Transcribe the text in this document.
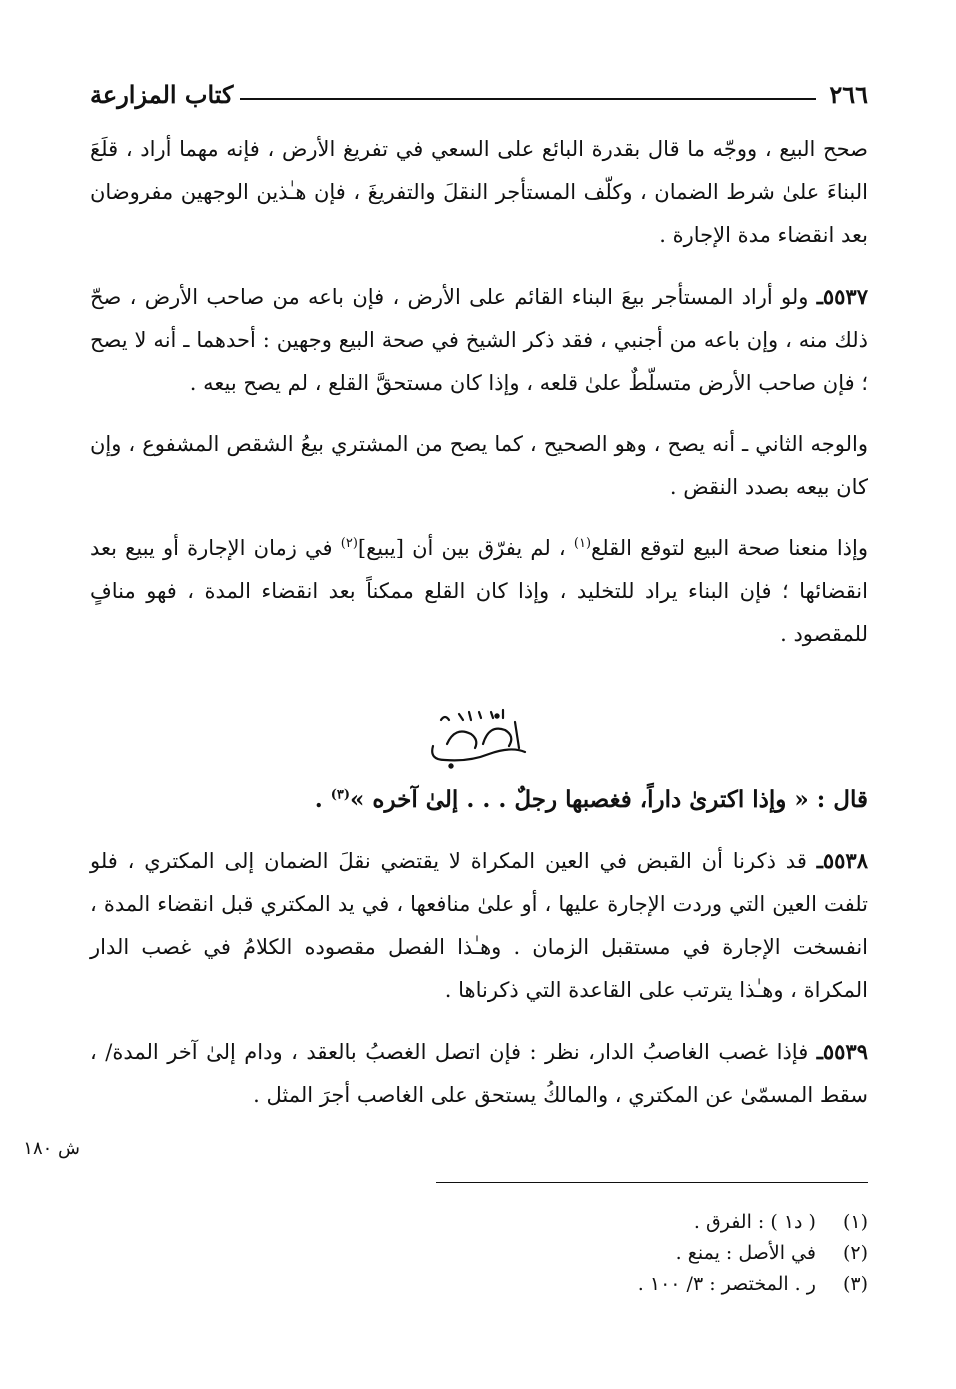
٢٦٦
كتاب المزارعة

صحح البيع ، ووجّه ما قال بقدرة البائع على السعي في تفريغ الأرض ، فإنه مهما أراد ، قلَعَ البناءَ علىٰ شرط الضمان ، وكلّف المستأجر النقلَ والتفريغَ ، فإن هـٰذين الوجهين مفروضان بعد انقضاء مدة الإجارة .

٥٥٣٧ـ ولو أراد المستأجر بيعَ البناء القائم على الأرض ، فإن باعه من صاحب الأرض ، صحّ ذلك منه ، وإن باعه من أجنبي ، فقد ذكر الشيخ في صحة البيع وجهين : أحدهما ـ أنه لا يصح ؛ فإن صاحب الأرض متسلّطٌ علىٰ قلعه ، وإذا كان مستحقَّ القلع ، لم يصح بيعه .

والوجه الثاني ـ أنه يصح ، وهو الصحيح ، كما يصح من المشتري بيعُ الشقص المشفوع ، وإن كان بيعه بصدد النقض .

وإذا منعنا صحة البيع لتوقع القلع$^{(١)}$ ، لم يفرّق بين أن [يبيع]$^{(٢)}$ في زمان الإجارة أو يبيع بعد انقضائها ؛ فإن البناء يراد للتخليد ، وإذا كان القلع ممكناً بعد انقضاء المدة ، فهو منافٍ للمقصود .

قال : « وإذا اكترىٰ داراً، فغصبها رجلٌ . . . إلىٰ آخره »$^{(٣)}$ .

٥٥٣٨ـ قد ذكرنا أن القبض في العين المكراة لا يقتضي نقلَ الضمان إلى المكتري ، فلو تلفت العين التي وردت الإجارة عليها ، أو علىٰ منافعها ، في يد المكتري قبل انقضاء المدة ، انفسخت الإجارة في مستقبل الزمان . وهـٰذا الفصل مقصوده الكلامُ في غصب الدار المكراة ، وهـٰذا يترتب على القاعدة التي ذكرناها .

٥٥٣٩ـ فإذا غصب الغاصبُ الدار، نظر : فإن اتصل الغصبُ بالعقد ، ودام إلىٰ آخر المدة/ ، سقط المسمّىٰ عن المكتري ، والمالكُ يستحق على الغاصب أجرَ المثل .

ش ١٨٠
(١) ( د١ ) : الفرق .
(٢) في الأصل : يمنع .
(٣) ر . المختصر : ٣/ ١٠٠ .
